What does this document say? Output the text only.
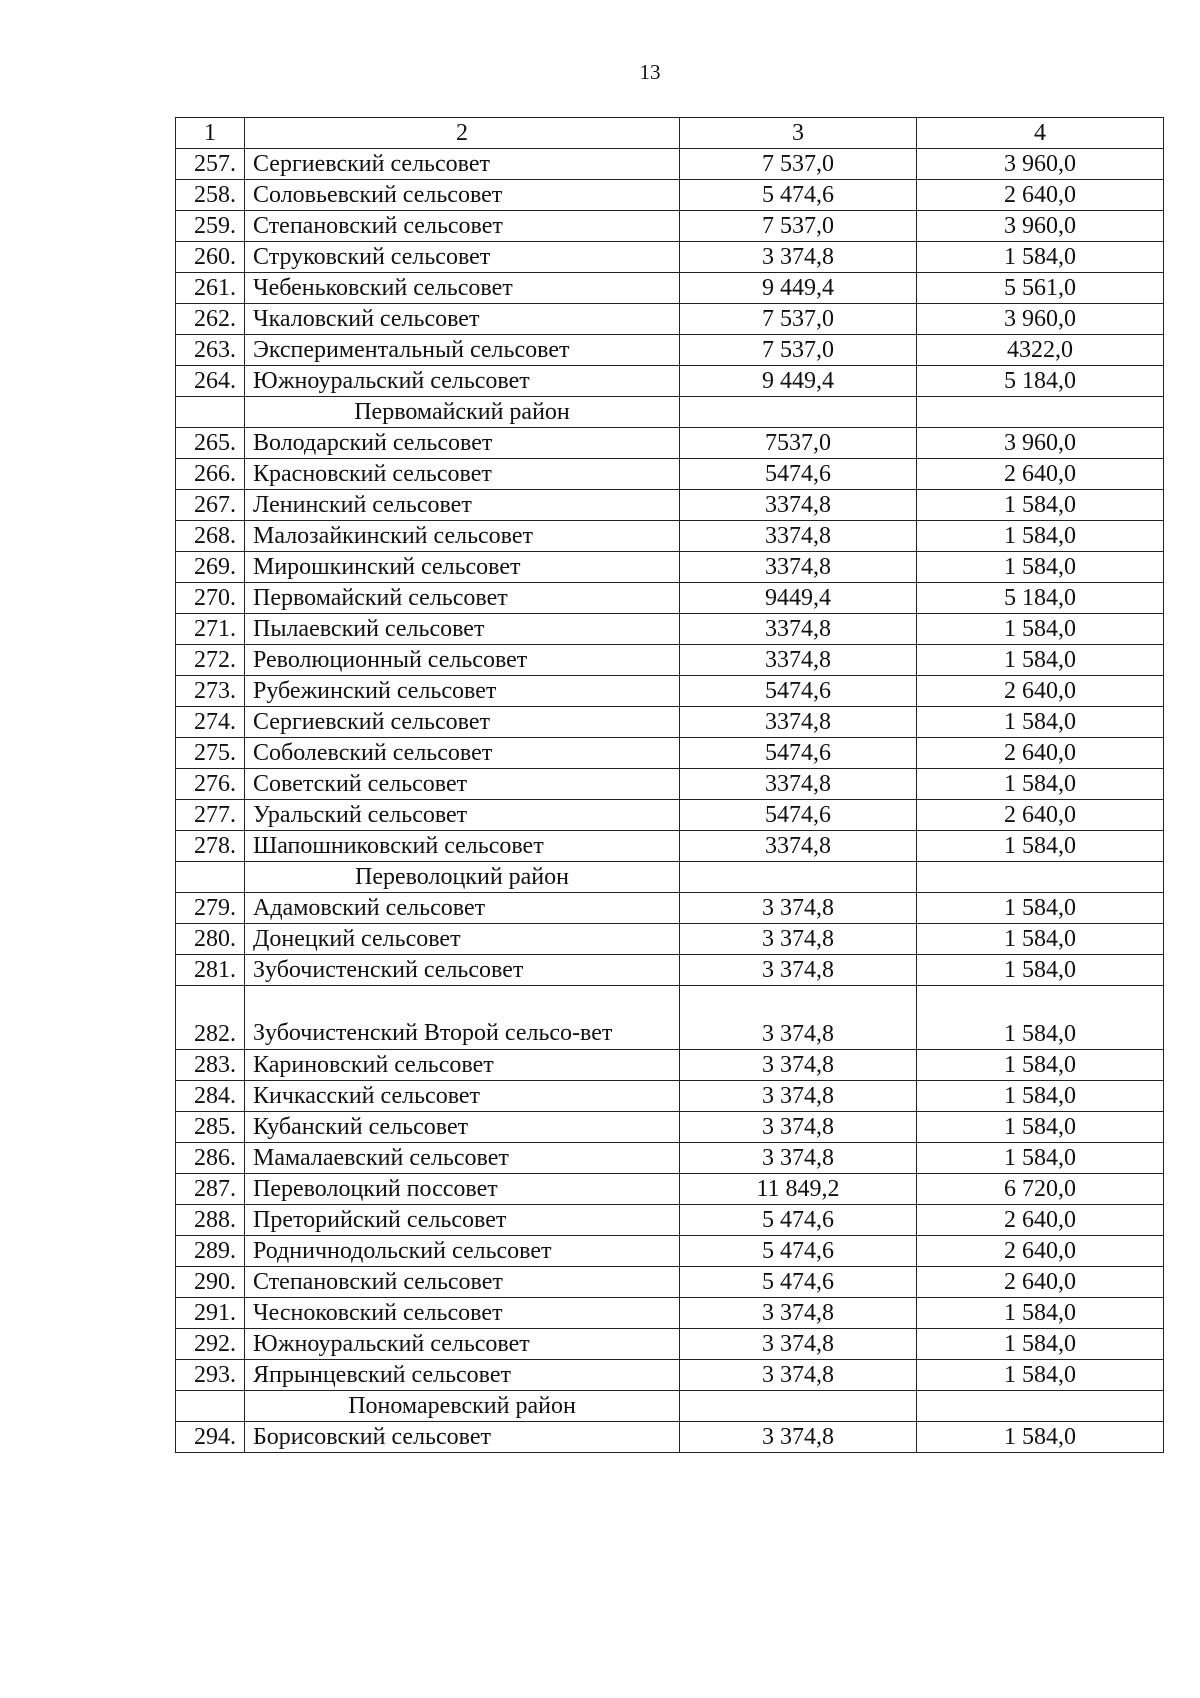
13
1	2	3	4
257.	Сергиевский сельсовет	7 537,0	3 960,0
258.	Соловьевский сельсовет	5 474,6	2 640,0
259.	Степановский сельсовет	7 537,0	3 960,0
260.	Струковский сельсовет	3 374,8	1 584,0
261.	Чебеньковский сельсовет	9 449,4	5 561,0
262.	Чкаловский сельсовет	7 537,0	3 960,0
263.	Экспериментальный сельсовет	7 537,0	4322,0
264.	Южноуральский сельсовет	9 449,4	5 184,0
	Первомайский район		
265.	Володарский сельсовет	7537,0	3 960,0
266.	Красновский сельсовет	5474,6	2 640,0
267.	Ленинский сельсовет	3374,8	1 584,0
268.	Малозайкинский сельсовет	3374,8	1 584,0
269.	Мирошкинский сельсовет	3374,8	1 584,0
270.	Первомайский сельсовет	9449,4	5 184,0
271.	Пылаевский сельсовет	3374,8	1 584,0
272.	Революционный сельсовет	3374,8	1 584,0
273.	Рубежинский сельсовет	5474,6	2 640,0
274.	Сергиевский сельсовет	3374,8	1 584,0
275.	Соболевский сельсовет	5474,6	2 640,0
276.	Советский сельсовет	3374,8	1 584,0
277.	Уральский сельсовет	5474,6	2 640,0
278.	Шапошниковский сельсовет	3374,8	1 584,0
	Переволоцкий район		
279.	Адамовский сельсовет	3 374,8	1 584,0
280.	Донецкий сельсовет	3 374,8	1 584,0
281.	Зубочистенский сельсовет	3 374,8	1 584,0
282.	Зубочистенский Второй сельсо-вет	3 374,8	1 584,0
283.	Кариновский сельсовет	3 374,8	1 584,0
284.	Кичкасский сельсовет	3 374,8	1 584,0
285.	Кубанский сельсовет	3 374,8	1 584,0
286.	Мамалаевский сельсовет	3 374,8	1 584,0
287.	Переволоцкий поссовет	11 849,2	6 720,0
288.	Преторийский сельсовет	5 474,6	2 640,0
289.	Родничнодольский сельсовет	5 474,6	2 640,0
290.	Степановский сельсовет	5 474,6	2 640,0
291.	Чесноковский сельсовет	3 374,8	1 584,0
292.	Южноуральский сельсовет	3 374,8	1 584,0
293.	Япрынцевский сельсовет	3 374,8	1 584,0
	Пономаревский район		
294.	Борисовский сельсовет	3 374,8	1 584,0
